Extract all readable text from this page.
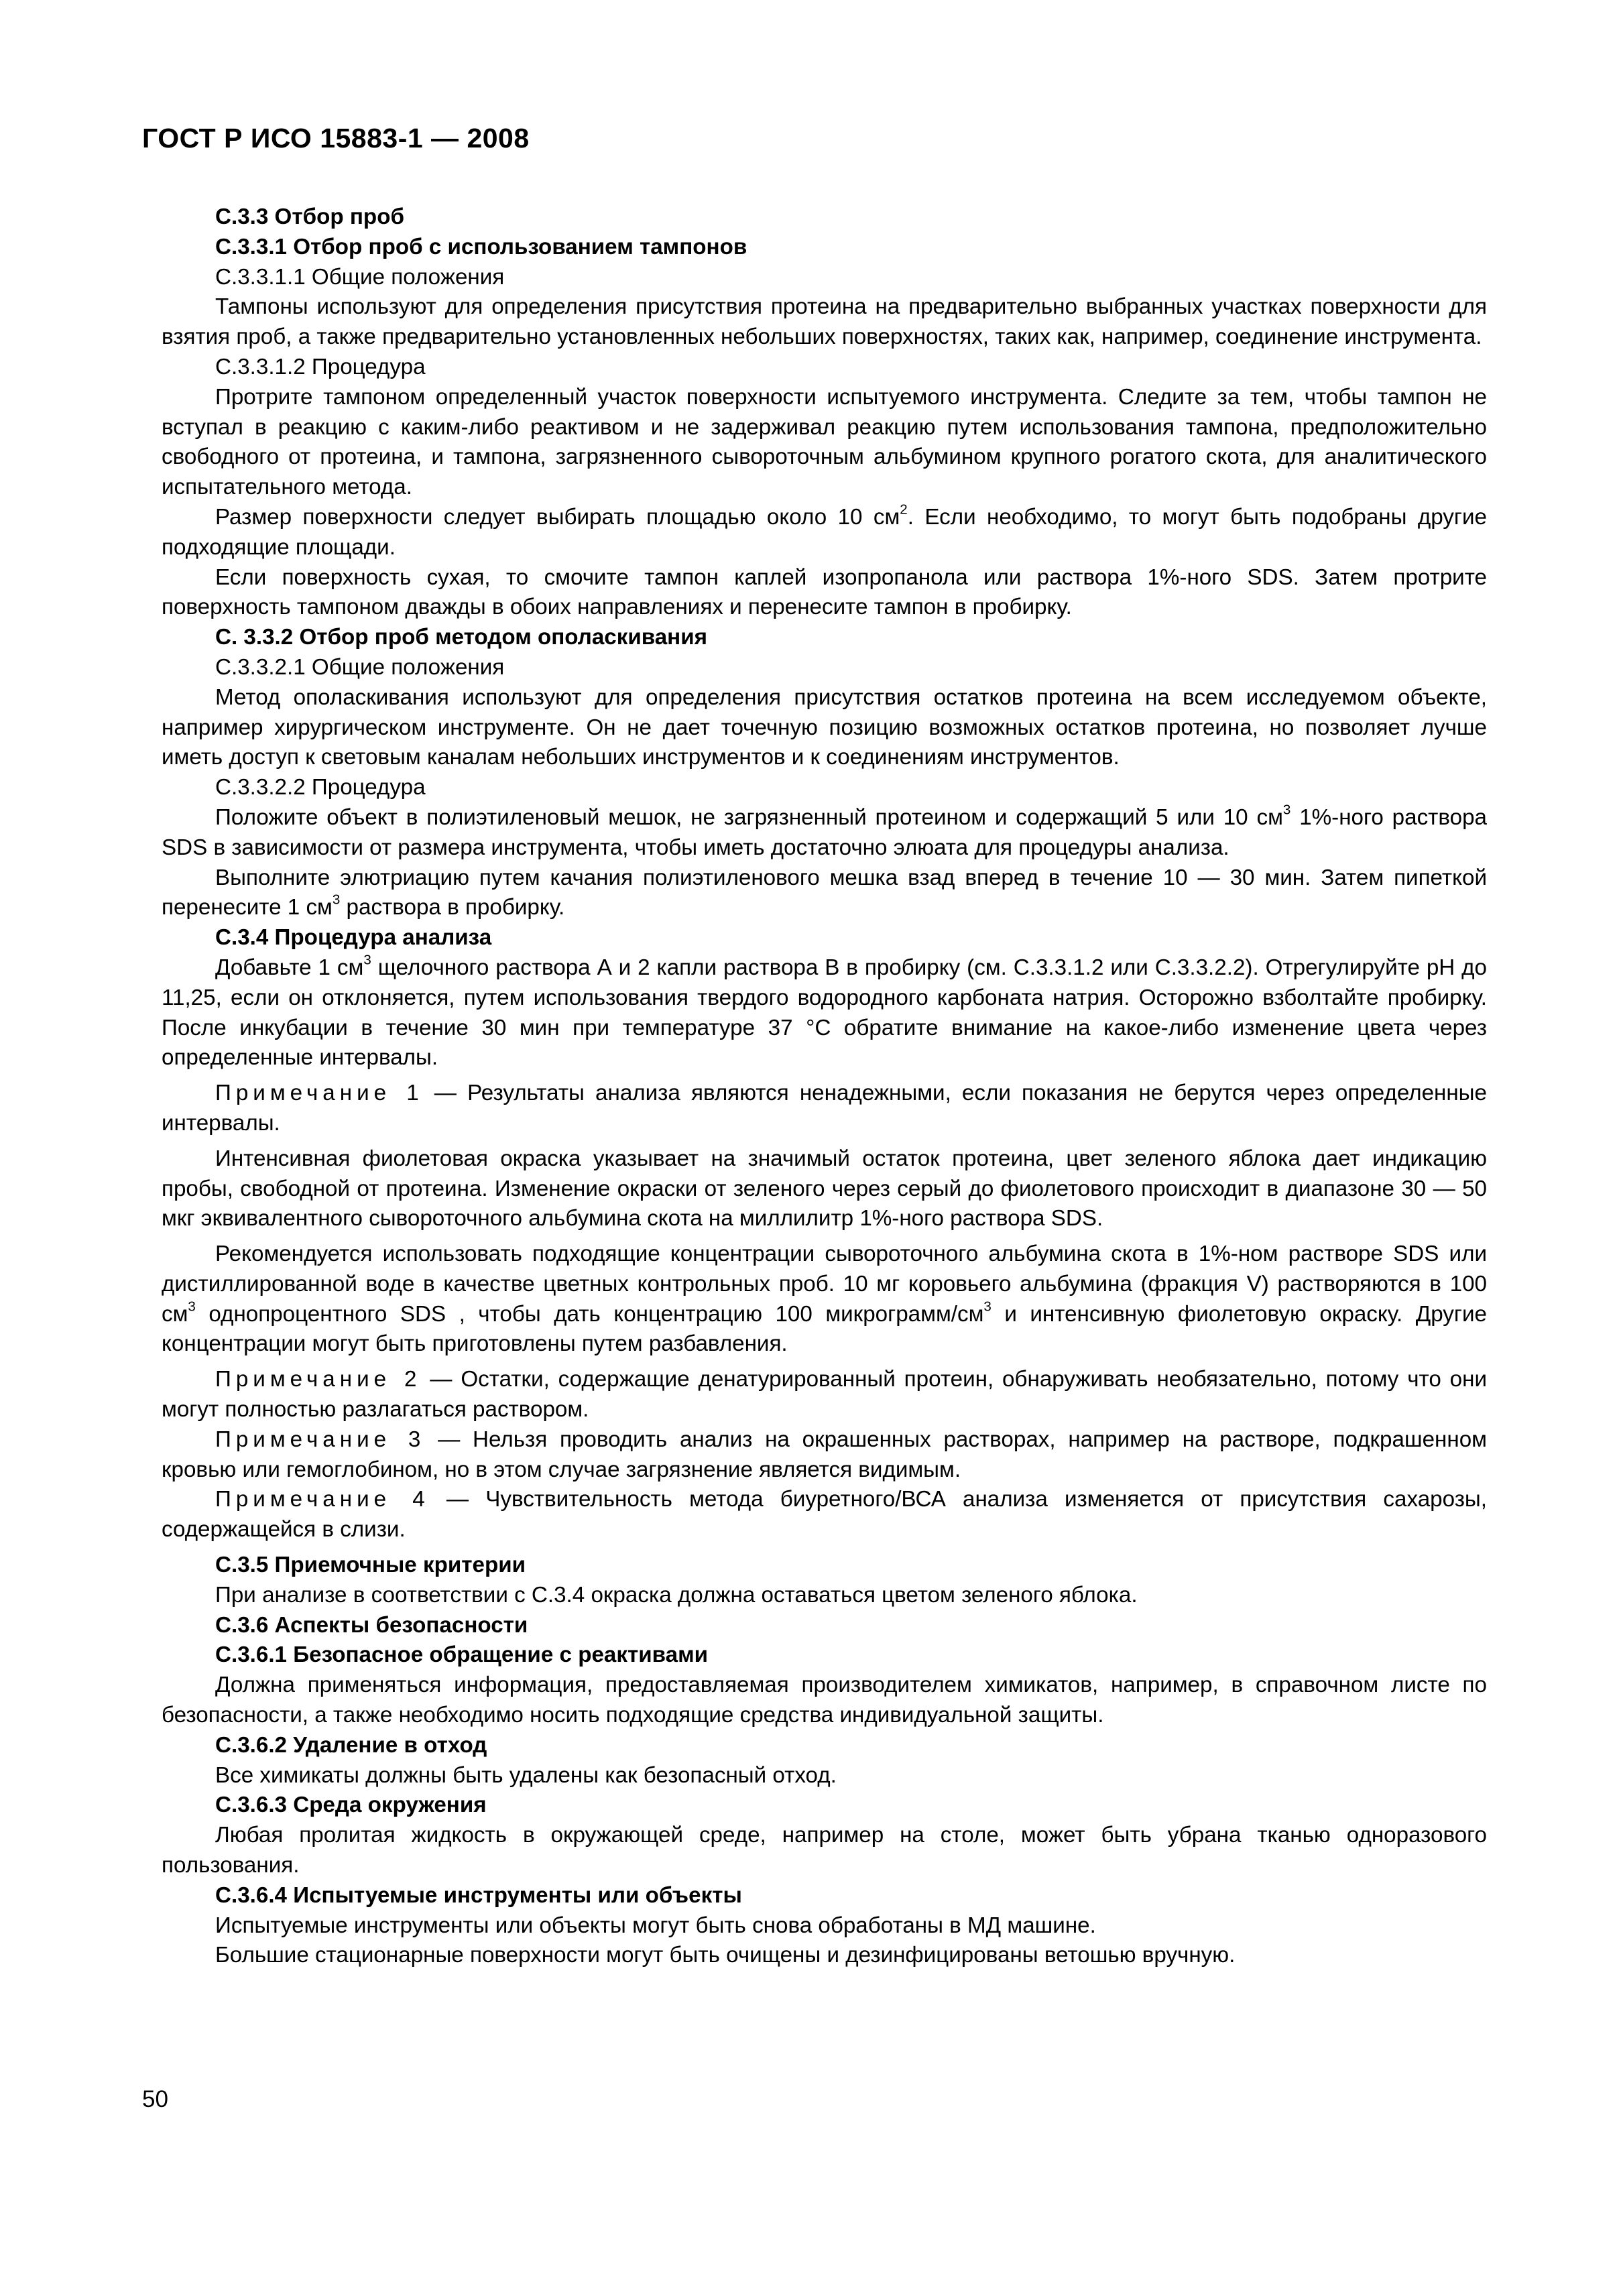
ГОСТ Р ИСО 15883-1 — 2008

С.3.3 Отбор проб

С.3.3.1 Отбор проб с использованием тампонов

С.3.3.1.1 Общие положения

Тампоны используют для определения присутствия протеина на предварительно выбранных участках поверхности для взятия проб, а также предварительно установленных небольших поверхностях, таких как, например, соединение инструмента.

С.3.3.1.2 Процедура

Протрите тампоном определенный участок поверхности испытуемого инструмента. Следите за тем, чтобы тампон не вступал в реакцию с каким-либо реактивом и не задерживал реакцию путем использования тампона, предположительно свободного от протеина, и тампона, загрязненного сывороточным альбумином крупного рогатого скота, для аналитического испытательного метода.

Размер поверхности следует выбирать площадью около 10 $см^2$. Если необходимо, то могут быть подобраны другие подходящие площади.

Если поверхность сухая, то смочите тампон каплей изопропанола или раствора 1%-ного SDS. Затем протрите поверхность тампоном дважды в обоих направлениях и перенесите тампон в пробирку.

С. 3.3.2 Отбор проб методом ополаскивания

С.3.3.2.1 Общие положения

Метод ополаскивания используют для определения присутствия остатков протеина на всем исследуемом объекте, например хирургическом инструменте. Он не дает точечную позицию возможных остатков протеина, но позволяет лучше иметь доступ к световым каналам небольших инструментов и к соединениям инструментов.

С.3.3.2.2 Процедура

Положите объект в полиэтиленовый мешок, не загрязненный протеином и содержащий 5 или 10 $см^3$ 1%-ного раствора SDS в зависимости от размера инструмента, чтобы иметь достаточно элюата для процедуры анализа.

Выполните элютриацию путем качания полиэтиленового мешка взад вперед в течение 10 — 30 мин. Затем пипеткой перенесите 1 $см^3$ раствора в пробирку.

С.3.4 Процедура анализа

Добавьте 1 $см^3$ щелочного раствора А и 2 капли раствора В в пробирку (см. С.3.3.1.2 или С.3.3.2.2). Отрегулируйте рН до 11,25, если он отклоняется, путем использования твердого водородного карбоната натрия. Осторожно взболтайте пробирку. После инкубации в течение 30 мин при температуре 37 °С обратите внимание на какое-либо изменение цвета через определенные интервалы.

Примечание 1 — Результаты анализа являются ненадежными, если показания не берутся через определенные интервалы.

Интенсивная фиолетовая окраска указывает на значимый остаток протеина, цвет зеленого яблока дает индикацию пробы, свободной от протеина. Изменение окраски от зеленого через серый до фиолетового происходит в диапазоне 30 — 50 мкг эквивалентного сывороточного альбумина скота на миллилитр 1%-ного раствора SDS.

Рекомендуется использовать подходящие концентрации сывороточного альбумина скота в 1%-ном растворе SDS или дистиллированной воде в качестве цветных контрольных проб. 10 мг коровьего альбумина (фракция V) растворяются в 100 $см^3$ однопроцентного SDS , чтобы дать концентрацию 100 микрограмм/$см^3$ и интенсивную фиолетовую окраску. Другие концентрации могут быть приготовлены путем разбавления.

Примечание 2 — Остатки, содержащие денатурированный протеин, обнаруживать необязательно, потому что они могут полностью разлагаться раствором.

Примечание 3 — Нельзя проводить анализ на окрашенных растворах, например на растворе, подкрашенном кровью или гемоглобином, но в этом случае загрязнение является видимым.

Примечание 4 — Чувствительность метода биуретного/ВСА анализа изменяется от присутствия сахарозы, содержащейся в слизи.

С.3.5 Приемочные критерии

При анализе в соответствии с С.3.4 окраска должна оставаться цветом зеленого яблока.

С.3.6 Аспекты безопасности

С.3.6.1 Безопасное обращение с реактивами

Должна применяться информация, предоставляемая производителем химикатов, например, в справочном листе по безопасности, а также необходимо носить подходящие средства индивидуальной защиты.

С.3.6.2 Удаление в отход

Все химикаты должны быть удалены как безопасный отход.

С.3.6.3 Среда окружения

Любая пролитая жидкость в окружающей среде, например на столе, может быть убрана тканью одноразового пользования.

С.3.6.4 Испытуемые инструменты или объекты

Испытуемые инструменты или объекты могут быть снова обработаны в МД машине.

Большие стационарные поверхности могут быть очищены и дезинфицированы ветошью вручную.

50
